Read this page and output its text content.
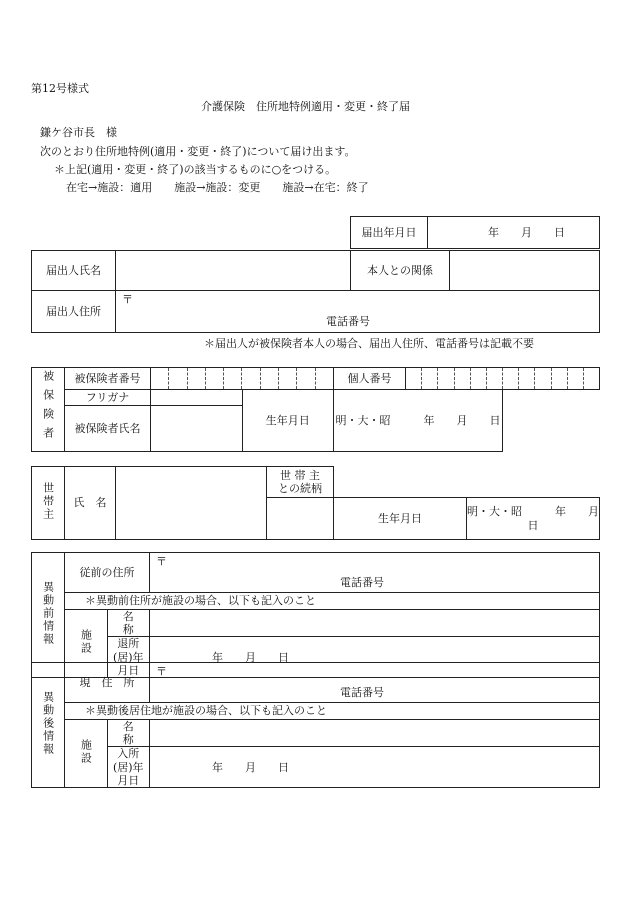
第12号様式
介護保険　住所地特例適用・変更・終了届
鎌ケ谷市長　様
次のとおり住所地特例(適用・変更・終了)について届け出ます。
＊上記(適用・変更・終了)の該当するものに○をつける。
在宅→施設：適用　　施設→施設：変更　　施設→在宅：終了
届出年月日	年　　月　　日
届出人氏名		本人との関係	
届出人住所	〒
電話番号		
＊届出人が被保険者本人の場合、届出人住所、電話番号は記載不要
被保険者	被保険者番号			個人番号	

	フリガナ		生年月日	明・大・昭　　　年　　月　　日	
	被保険者氏名				
世帯主	氏　名		世 帯 主
との続柄		

				生年月日	明・大・昭　　　年　　月　　日
異動前情報	従前の住所		〒
電話番号

	＊異動前住所が施設の場合、以下も記入のこと		
	施設	名　　　称	
		退所(居)年月日	年　　月　　日
異動後情報	現　住　所		〒
電話番号

	＊異動後居住地が施設の場合、以下も記入のこと		
	施設	名　　　称	
		入所(居)年月日	年　　月　　日
